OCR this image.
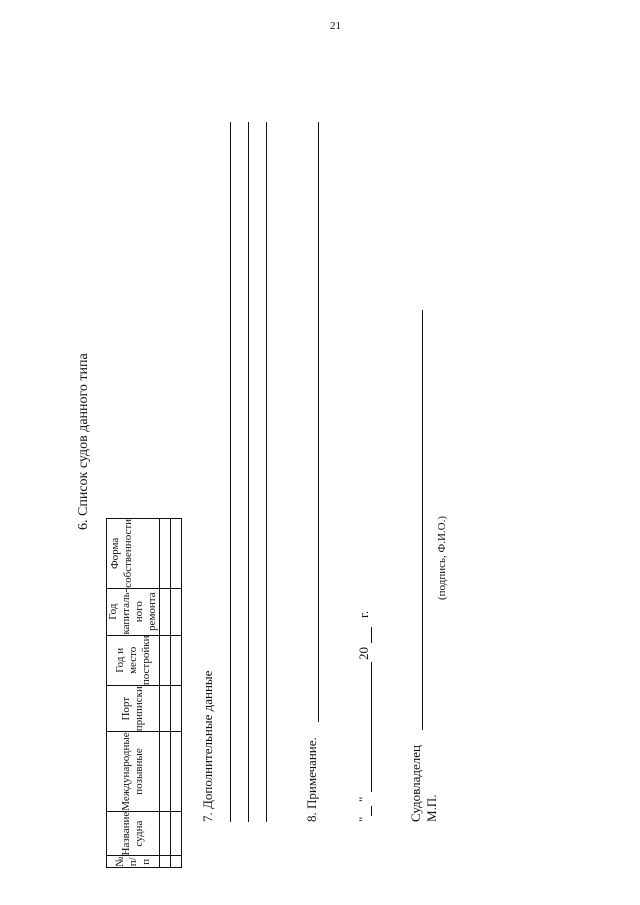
21
6. Список судов данного типа
№ п/п	Название судна	Международные позывные	Порт приписки	Год и место постройки	Год капиталь-ного ремонта	Форма собственности

7. Дополнительные данные	8. Примечание.	"
"
20
г.
Судовладелец М.П.
(подпись, Ф.И.О.)
